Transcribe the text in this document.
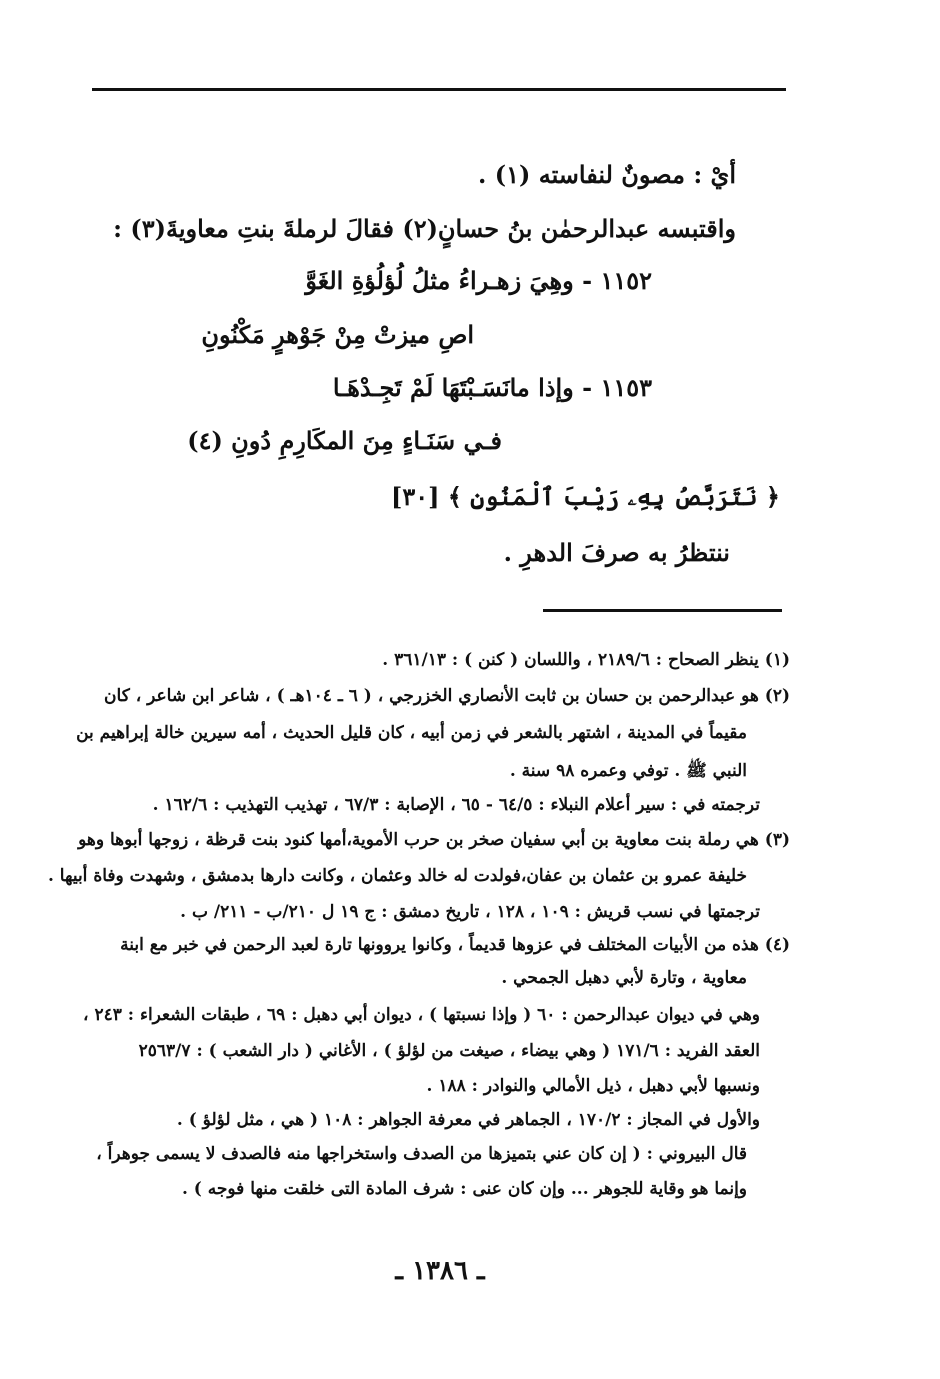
أيْ : مصونٌ لنفاسته (١) .
واقتبسه عبدالرحمٰن بنُ حسانٍ(٢) فقالَ لرملةَ بنتِ معاويةَ(٣) :
١١٥٢ - وهِيَ زهـراءُ مثلُ لُؤلُؤةِ الغَوَّ
اصِ ميزتْ مِنْ جَوْهرٍ مَكْنُونِ
١١٥٣ - وإذا مانَسَـبْتَهَا لَمْ تَجِـدْهَـا
فـي سَنَـاءٍ مِنَ المكَارِمِ دُونِ (٤)
﴿ نَتَرَبَّصُ بِهِۦ رَيْبَ ٱلْمَنُونِ ﴾ [٣٠]
ننتظرُ به صرفَ الدهرِ .
(١) ينظر الصحاح : ٢١٨٩/٦ ، واللسان ( كنن ) : ٣٦١/١٣ .
(٢) هو عبدالرحمن بن حسان بن ثابت الأنصاري الخزرجي ، ( ٦ ـ ١٠٤هـ ) ، شاعر ابن شاعر ، كان
مقيماً في المدينة ، اشتهر بالشعر في زمن أبيه ، كان قليل الحديث ، أمه سيرين خالة إبراهيم بن
النبي ﷺ . توفي وعمره ٩٨ سنة .
ترجمته في : سير أعلام النبلاء : ٦٤/٥ - ٦٥ ، الإصابة : ٦٧/٣ ، تهذيب التهذيب : ١٦٢/٦ .
(٣) هي رملة بنت معاوية بن أبي سفيان صخر بن حرب الأموية،أمها كنود بنت قرظة ، زوجها أبوها وهو
خليفة عمرو بن عثمان بن عفان،فولدت له خالد وعثمان ، وكانت دارها بدمشق ، وشهدت وفاة أبيها .
ترجمتها في نسب قريش : ١٠٩ ، ١٢٨ ، تاريخ دمشق : ج ١٩ ل ٢١٠/ب - ٢١١/ ب .
(٤) هذه من الأبيات المختلف في عزوها قديماً ، وكانوا يروونها تارة لعبد الرحمن في خبر مع ابنة
معاوية ، وتارة لأبي دهبل الجمحي .
وهي في ديوان عبدالرحمن : ٦٠ ( وإذا نسبتها ) ، ديوان أبي دهبل : ٦٩ ، طبقات الشعراء : ٢٤٣ ،
العقد الفريد : ١٧١/٦ ( وهي بيضاء ، صيغت من لؤلؤ ) ، الأغاني ( دار الشعب ) : ٢٥٦٣/٧
ونسبها لأبي دهبل ، ذيل الأمالي والنوادر : ١٨٨ .
والأول في المجاز : ١٧٠/٢ ، الجماهر في معرفة الجواهر : ١٠٨ ( هي ، مثل لؤلؤ ) .
قال البيروني : ( إن كان عني بتميزها من الصدف واستخراجها منه فالصدف لا يسمى جوهراً ،
وإنما هو وقاية للجوهر ... وإن كان عنى : شرف المادة التى خلقت منها فوجه ) .
ـ ١٣٨٦ ـ
